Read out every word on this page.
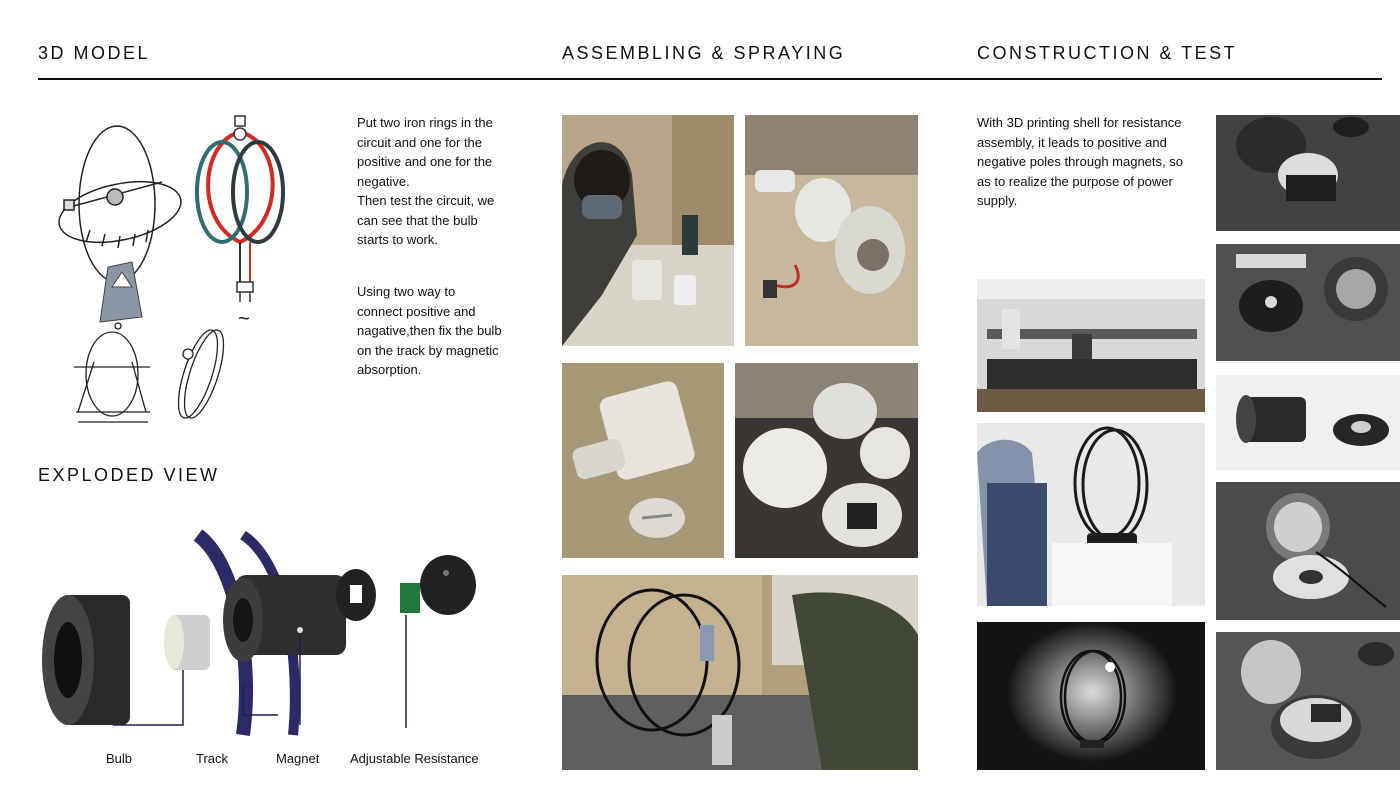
3D MODEL	ASSEMBLING & SPRAYING	CONSTRUCTION & TEST
~
Put two iron rings in the
circuit and one for the
positive and one for the
negative.
Then test the circuit, we
can see that the bulb
starts to work.
Using two way to
connect positive and
nagative,then fix the bulb
on the track by magnetic
absorption.
EXPLODED VIEW
Bulb	Track	Magnet Adjustable Resistance
With 3D printing shell for resistance
assembly, it leads to positive and
negative poles through magnets, so
as to realize the purpose of power
supply.
